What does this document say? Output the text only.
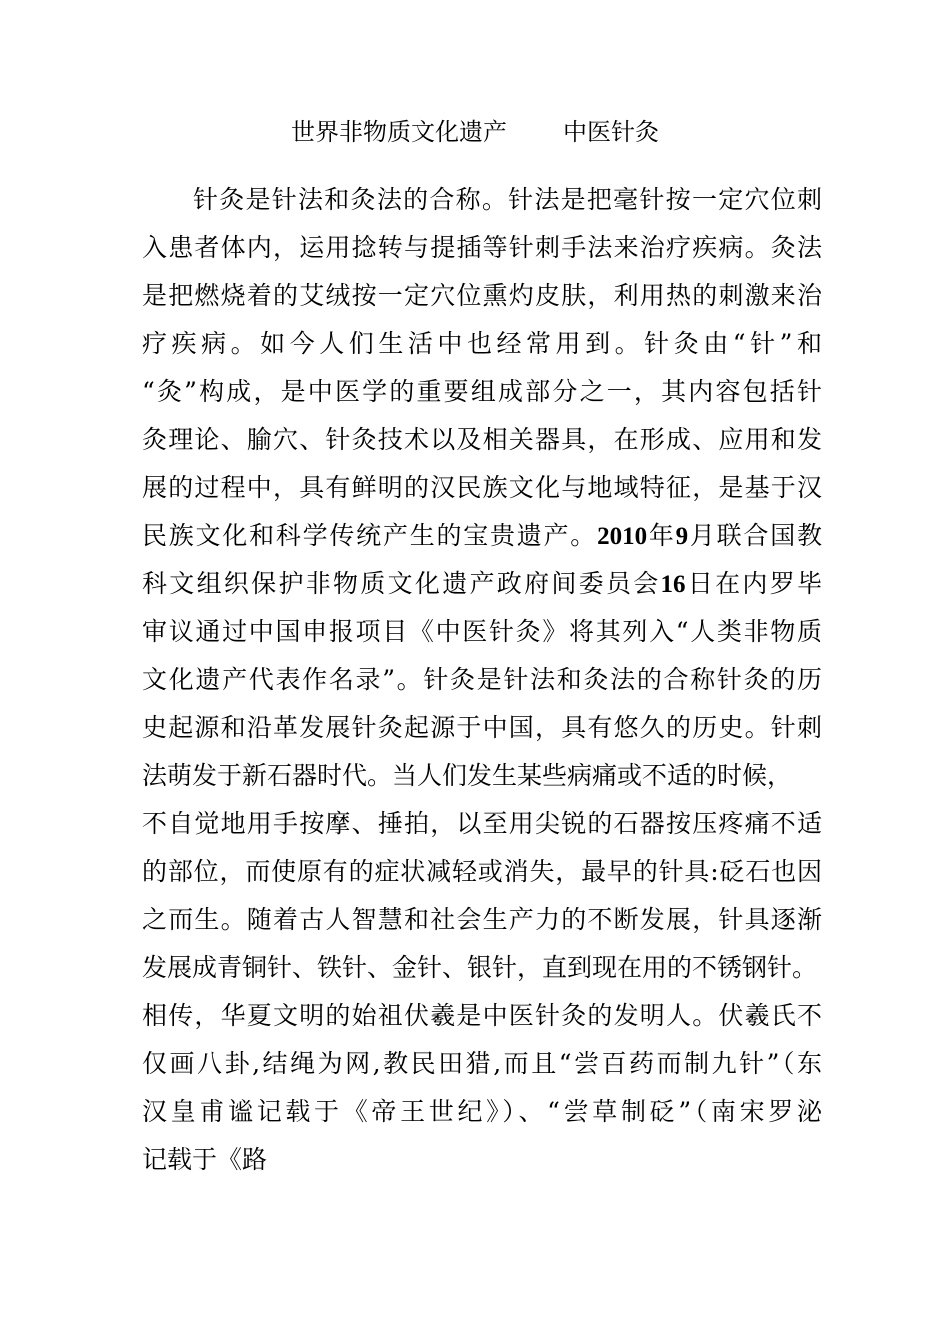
世界非物质文化遗产 中医针灸
针灸是针法和灸法的合称。针法是把毫针按一定穴位刺
入患者体内，运用捻转与提插等针刺手法来治疗疾病。灸法
是把燃烧着的艾绒按一定穴位熏灼皮肤，利用热的刺激来治
疗疾病。如今人们生活中也经常用到。针灸由“针”和
“灸”构成，是中医学的重要组成部分之一，其内容包括针
灸理论、腧穴、针灸技术以及相关器具，在形成、应用和发
展的过程中，具有鲜明的汉民族文化与地域特征，是基于汉
民族文化和科学传统产生的宝贵遗产。2010年9月联合国教
科文组织保护非物质文化遗产政府间委员会16日在内罗毕
审议通过中国申报项目《中医针灸》将其列入“人类非物质
文化遗产代表作名录”。针灸是针法和灸法的合称针灸的历
史起源和沿革发展针灸起源于中国，具有悠久的历史。针刺
法萌发于新石器时代。当人们发生某些病痛或不适的时候，
不自觉地用手按摩、捶拍，以至用尖锐的石器按压疼痛不适
的部位，而使原有的症状减轻或消失，最早的针具:砭石也因
之而生。随着古人智慧和社会生产力的不断发展，针具逐渐
发展成青铜针、铁针、金针、银针，直到现在用的不锈钢针。
相传，华夏文明的始祖伏羲是中医针灸的发明人。伏羲氏不
仅画八卦,结绳为网,教民田猎,而且“尝百药而制九针”（东
汉皇甫谧记载于《帝王世纪》）、“尝草制砭”（南宋罗泌
记载于《路
